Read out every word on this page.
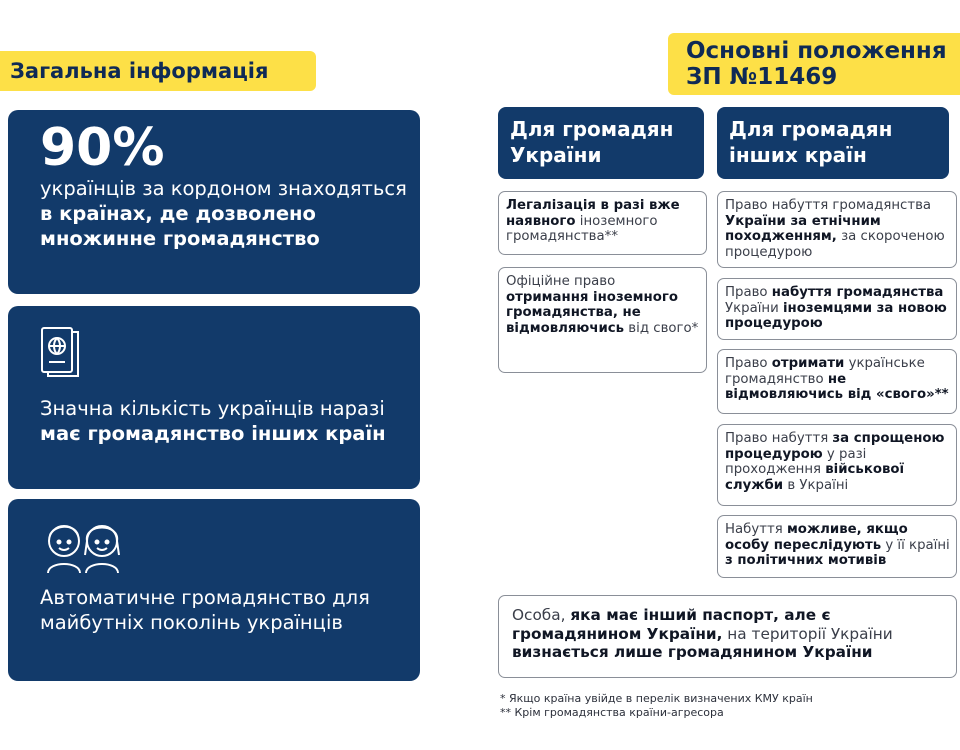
Загальна інформація
Основні положення
ЗП №11469
90%
українців за кордоном знаходяться в країнах, де дозволено множинне громадянство
Значна кількість українців наразі має громадянство інших країн
Автоматичне громадянство для майбутніх поколінь українців
Для громадян
України
Для громадян
інших країн
Легалізація в разі вже наявного іноземного громадянства**
Офіційне право отримання іноземного громадянства, не відмовляючись від свого*
Право набуття громадянства України за етнічним походженням, за скороченою процедурою
Право набуття громадянства України іноземцями за новою процедурою
Право отримати українське громадянство не відмовляючись від «свого»**
Право набуття за спрощеною процедурою у разі проходження військової служби в Україні
Набуття можливе, якщо особу переслідують у її країні з політичних мотивів
Особа, яка має інший паспорт, але є громадянином України, на території України визнається лише громадянином України
* Якщо країна увійде в перелік визначених КМУ країн
** Крім громадянства країни-агресора
